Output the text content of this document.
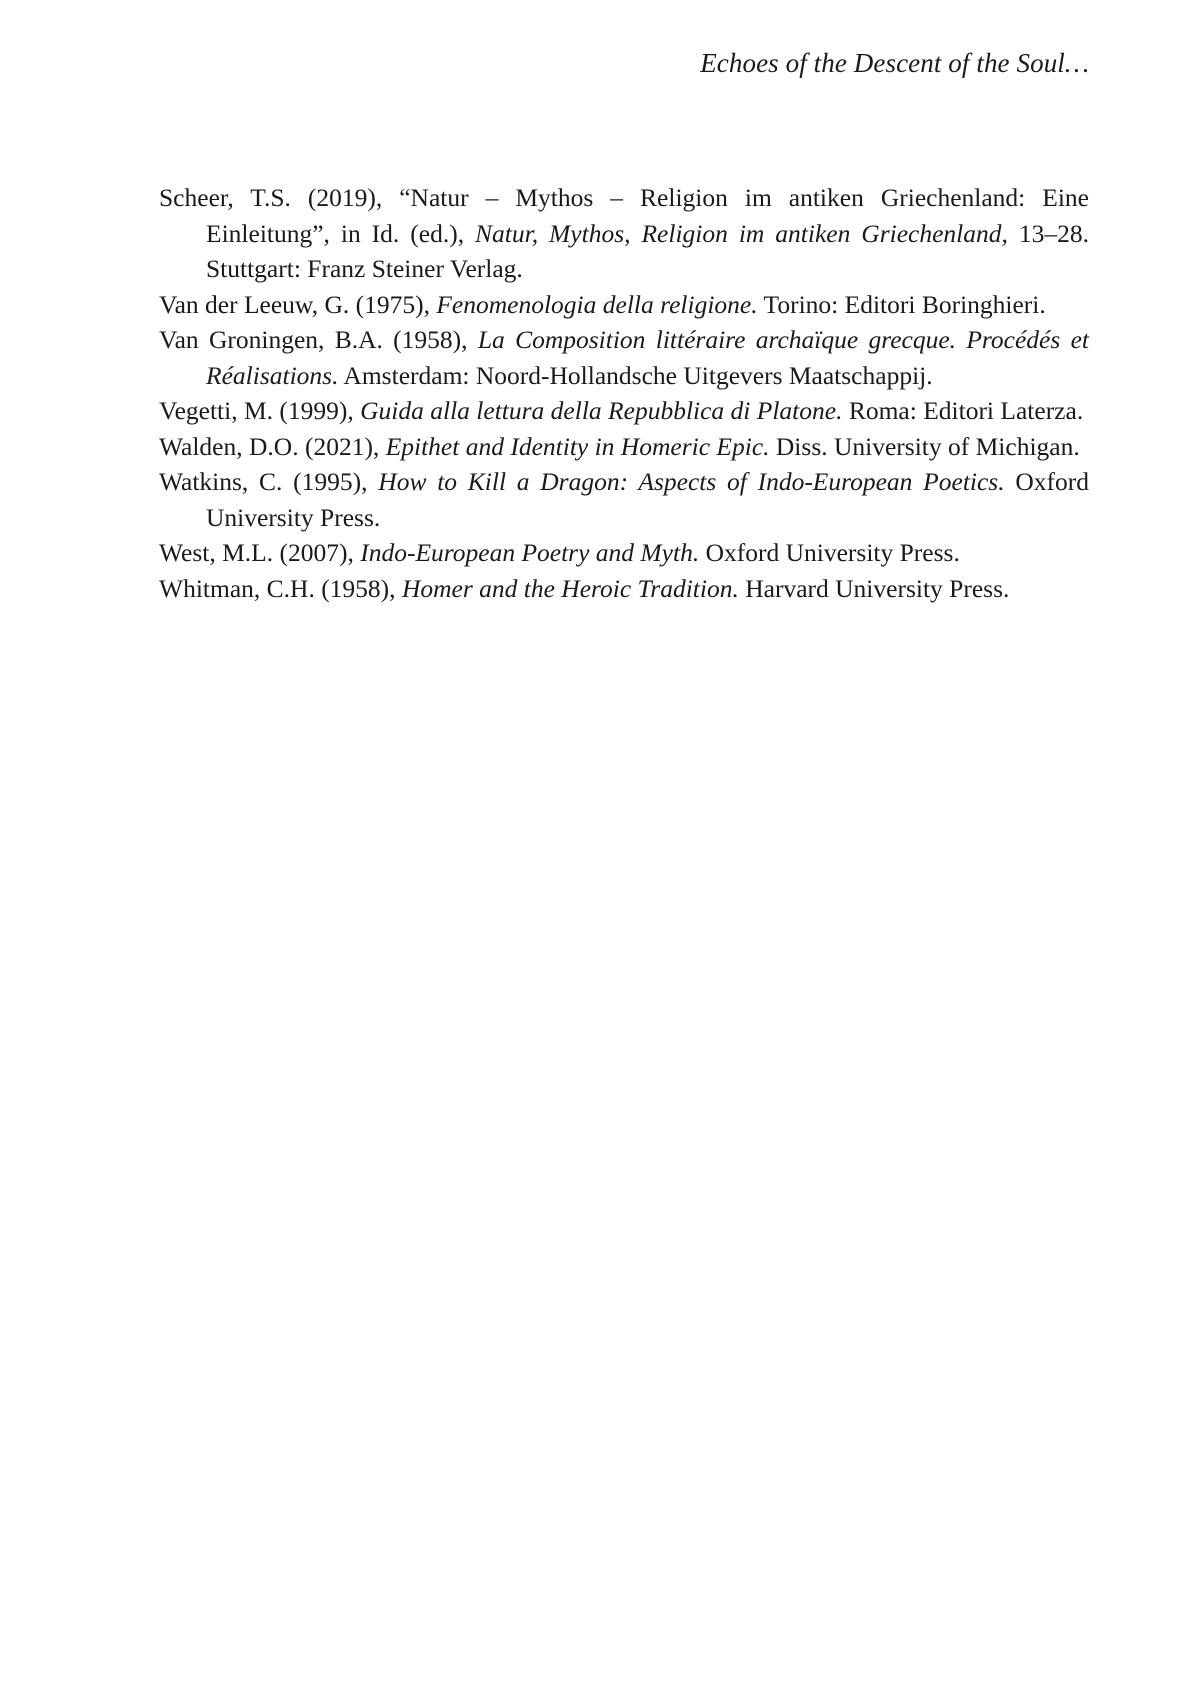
Echoes of the Descent of the Soul…

Scheer, T.S. (2019), “Natur – Mythos – Religion im antiken Griechenland: Eine Einleitung”, in Id. (ed.), Natur, Mythos, Religion im antiken Griechenland, 13–28. Stuttgart: Franz Steiner Verlag.

Van der Leeuw, G. (1975), Fenomenologia della religione. Torino: Editori Boringhieri.

Van Groningen, B.A. (1958), La Composition littéraire archaïque grecque. Procédés et Réalisations. Amsterdam: Noord-Hollandsche Uitgevers Maatschappij.

Vegetti, M. (1999), Guida alla lettura della Repubblica di Platone. Roma: Editori Laterza.

Walden, D.O. (2021), Epithet and Identity in Homeric Epic. Diss. University of Michigan.

Watkins, C. (1995), How to Kill a Dragon: Aspects of Indo-European Poetics. Oxford University Press.

West, M.L. (2007), Indo-European Poetry and Myth. Oxford University Press.

Whitman, C.H. (1958), Homer and the Heroic Tradition. Harvard University Press.
